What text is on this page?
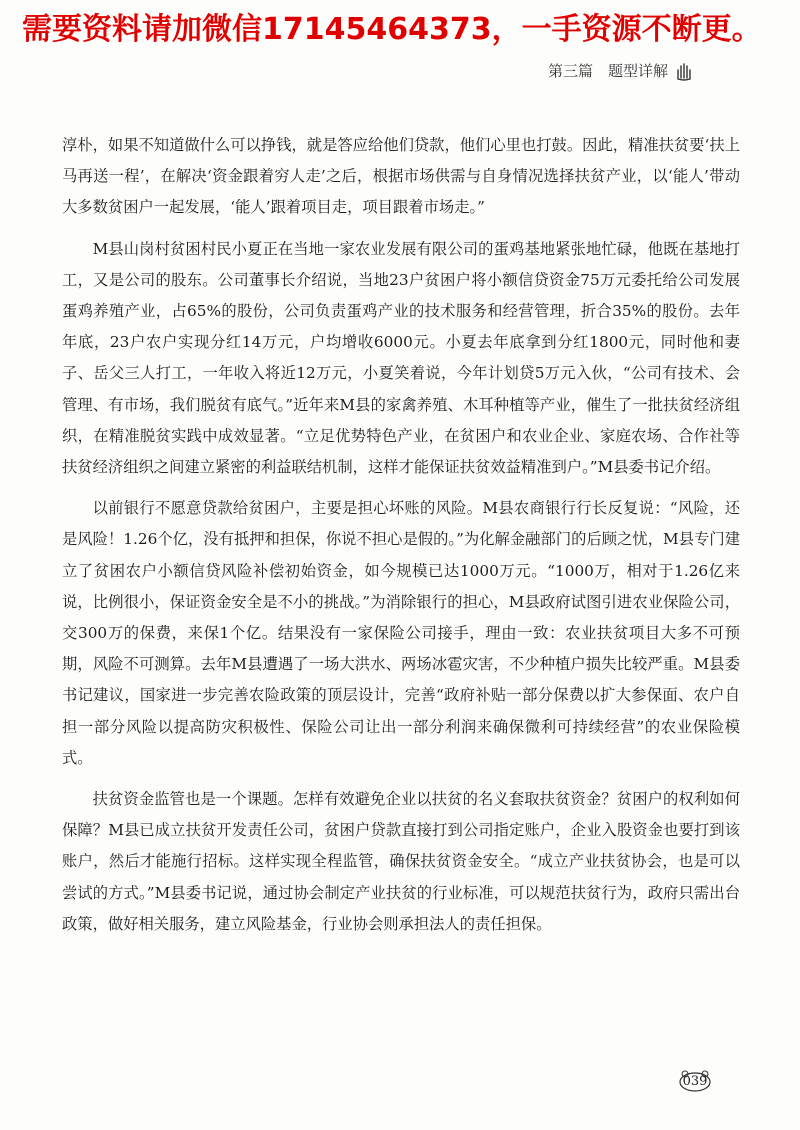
需要资料请加微信17145464373，一手资源不断更。
第三篇　题型详解

淳朴，如果不知道做什么可以挣钱，就是答应给他们贷款，他们心里也打鼓。因此，精准扶贫要‘扶上马再送一程’，在解决‘资金跟着穷人走’之后，根据市场供需与自身情况选择扶贫产业，以‘能人’带动大多数贫困户一起发展，‘能人’跟着项目走，项目跟着市场走。”

M县山岗村贫困村民小夏正在当地一家农业发展有限公司的蛋鸡基地紧张地忙碌，他既在基地打工，又是公司的股东。公司董事长介绍说，当地23户贫困户将小额信贷资金75万元委托给公司发展蛋鸡养殖产业，占65%的股份，公司负责蛋鸡产业的技术服务和经营管理，折合35%的股份。去年年底，23户农户实现分红14万元，户均增收6000元。小夏去年底拿到分红1800元，同时他和妻子、岳父三人打工，一年收入将近12万元，小夏笑着说，今年计划贷5万元入伙，“公司有技术、会管理、有市场，我们脱贫有底气。”近年来M县的家禽养殖、木耳种植等产业，催生了一批扶贫经济组织，在精准脱贫实践中成效显著。“立足优势特色产业，在贫困户和农业企业、家庭农场、合作社等扶贫经济组织之间建立紧密的利益联结机制，这样才能保证扶贫效益精准到户。”M县委书记介绍。

以前银行不愿意贷款给贫困户，主要是担心坏账的风险。M县农商银行行长反复说：“风险，还是风险！1.26个亿，没有抵押和担保，你说不担心是假的。”为化解金融部门的后顾之忧，M县专门建立了贫困农户小额信贷风险补偿初始资金，如今规模已达1000万元。“1000万，相对于1.26亿来说，比例很小，保证资金安全是不小的挑战。”为消除银行的担心，M县政府试图引进农业保险公司，交300万的保费，来保1个亿。结果没有一家保险公司接手，理由一致：农业扶贫项目大多不可预期，风险不可测算。去年M县遭遇了一场大洪水、两场冰雹灾害，不少种植户损失比较严重。M县委书记建议，国家进一步完善农险政策的顶层设计，完善“政府补贴一部分保费以扩大参保面、农户自担一部分风险以提高防灾积极性、保险公司让出一部分利润来确保微利可持续经营”的农业保险模式。

扶贫资金监管也是一个课题。怎样有效避免企业以扶贫的名义套取扶贫资金？贫困户的权利如何保障？M县已成立扶贫开发责任公司，贫困户贷款直接打到公司指定账户，企业入股资金也要打到该账户，然后才能施行招标。这样实现全程监管，确保扶贫资金安全。“成立产业扶贫协会，也是可以尝试的方式。”M县委书记说，通过协会制定产业扶贫的行业标准，可以规范扶贫行为，政府只需出台政策，做好相关服务，建立风险基金，行业协会则承担法人的责任担保。

039
